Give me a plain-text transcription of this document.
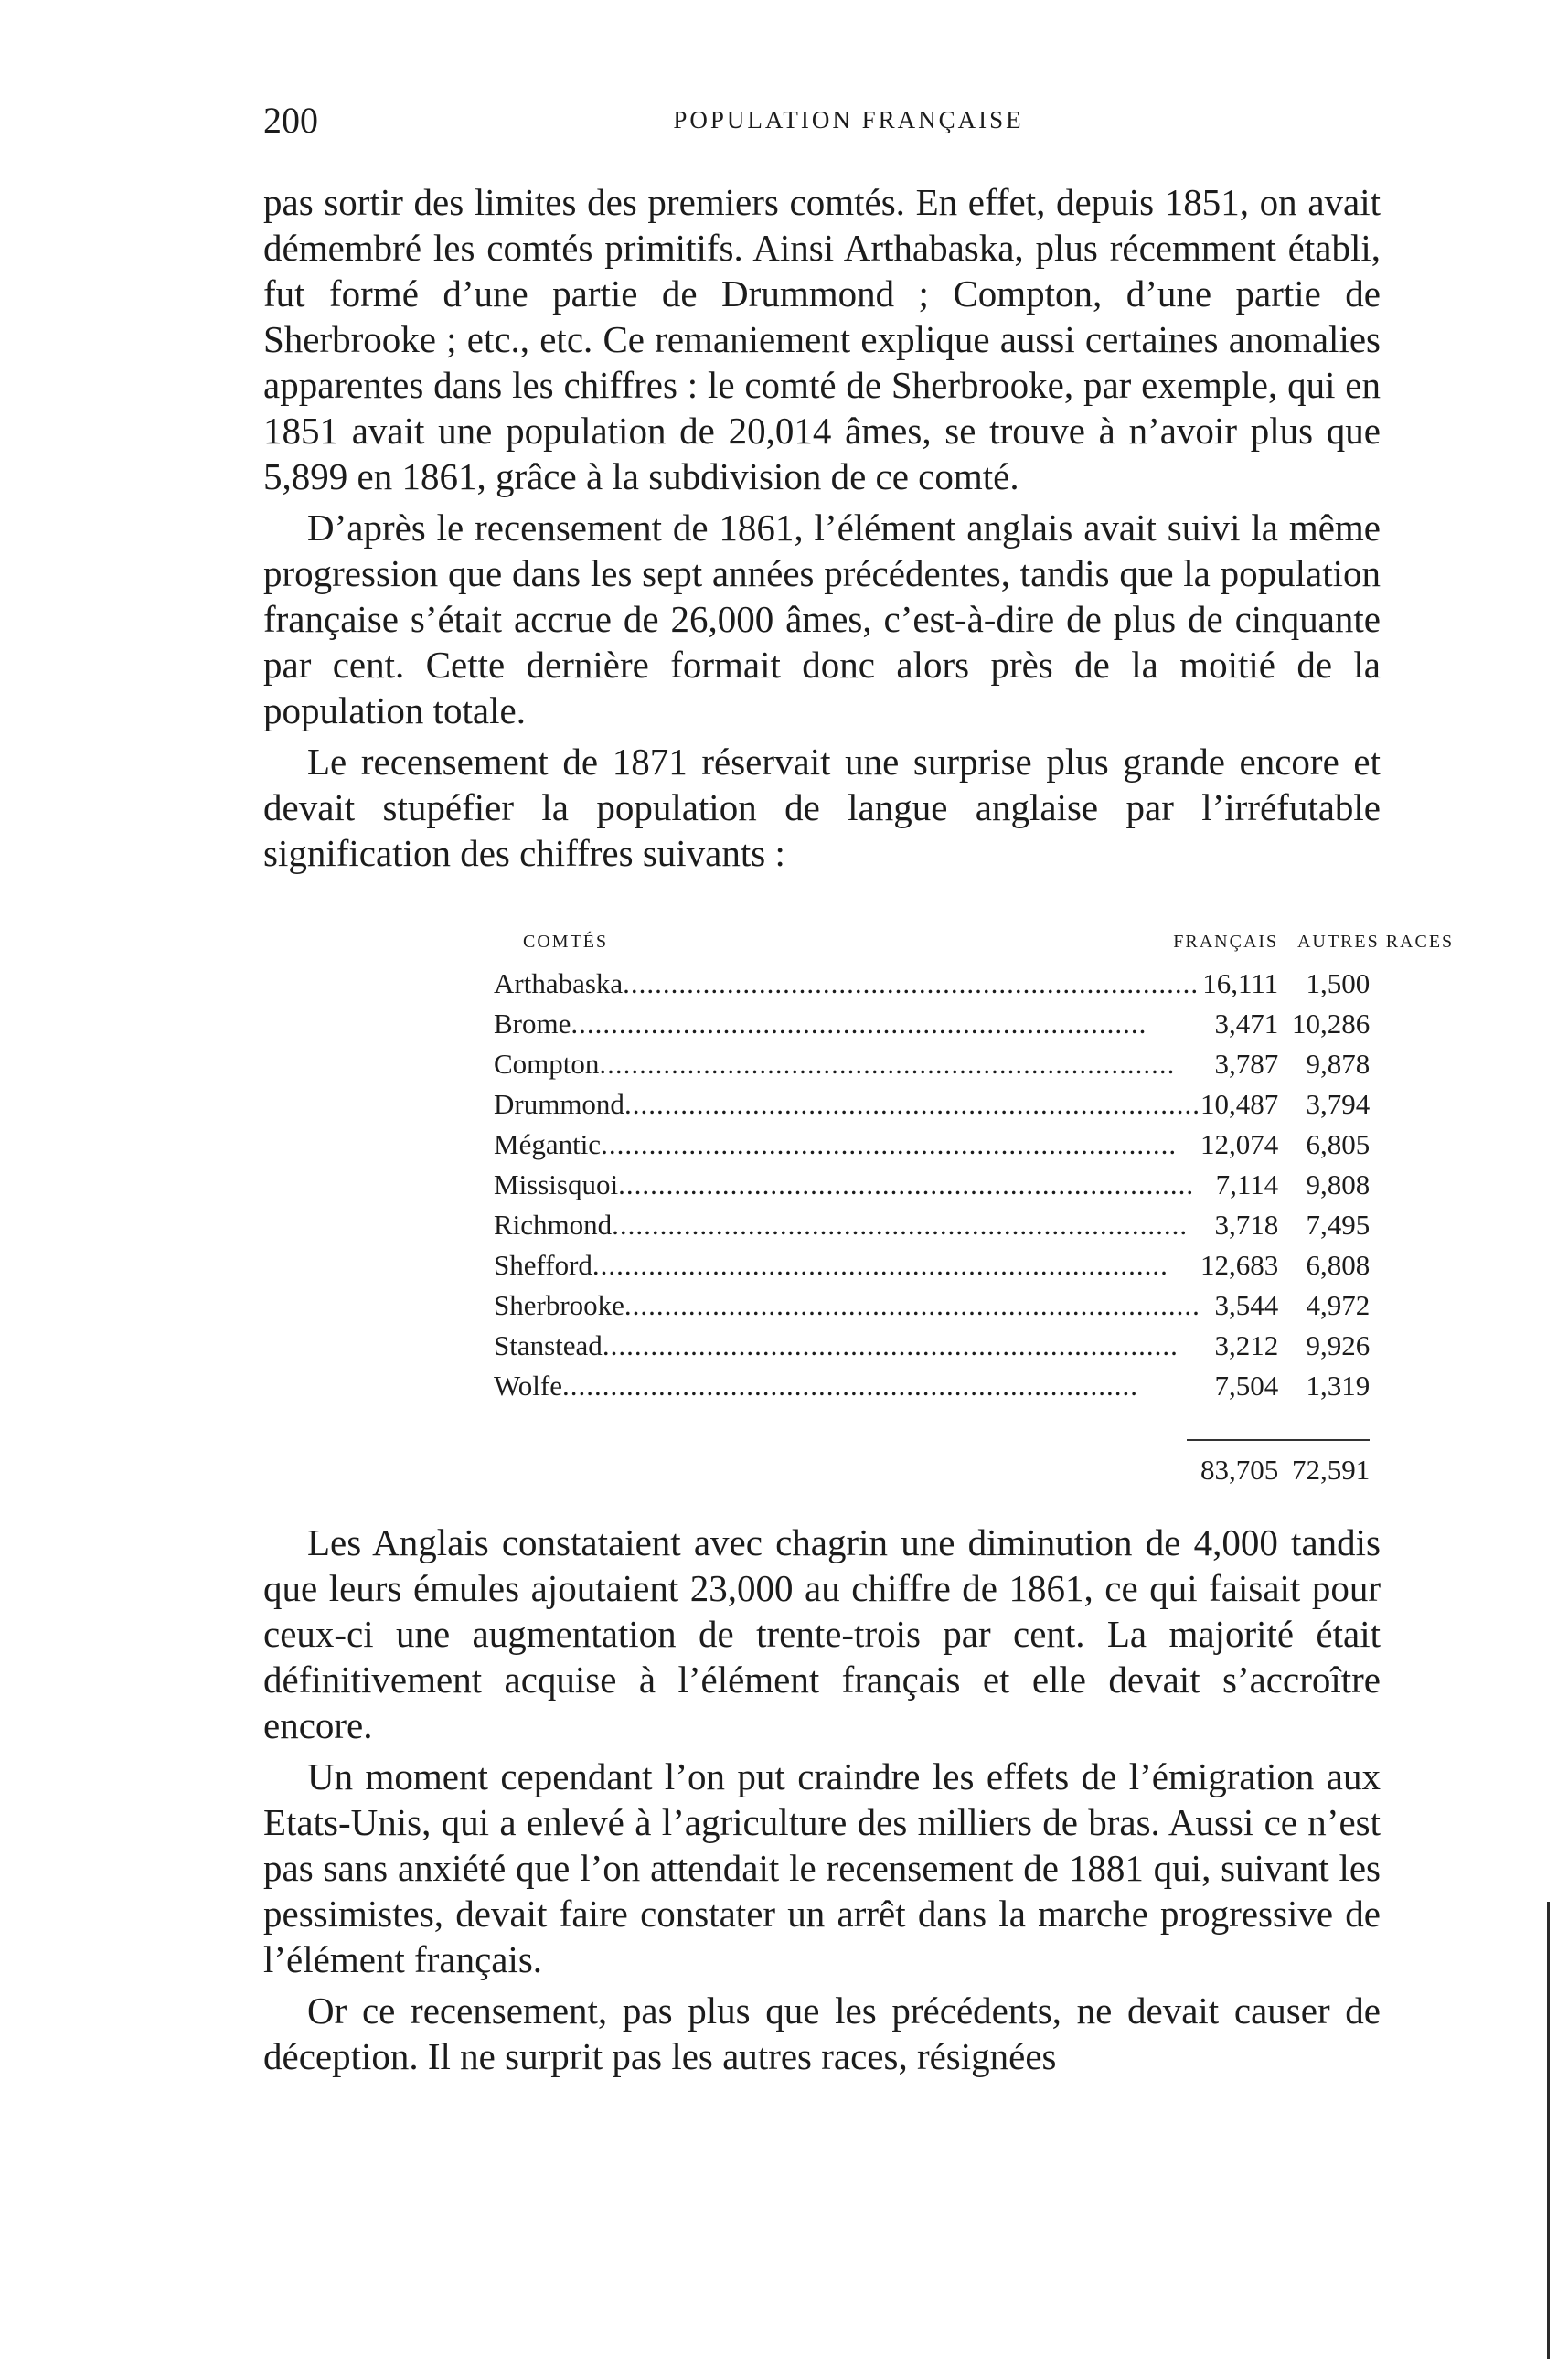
200	POPULATION FRANÇAISE

pas sortir des limites des premiers comtés. En effet, depuis 1851, on avait démembré les comtés primitifs. Ainsi Arthabaska, plus récemment établi, fut formé d’une partie de Drummond ; Compton, d’une partie de Sherbrooke ; etc., etc. Ce remaniement explique aussi certaines anomalies apparentes dans les chiffres : le comté de Sherbrooke, par exemple, qui en 1851 avait une population de 20,014 âmes, se trouve à n’avoir plus que 5,899 en 1861, grâce à la subdivision de ce comté.

D’après le recensement de 1861, l’élément anglais avait suivi la même progression que dans les sept années précédentes, tandis que la population française s’était accrue de 26,000 âmes, c’est-à-dire de plus de cinquante par cent. Cette dernière formait donc alors près de la moitié de la population totale.

Le recensement de 1871 réservait une surprise plus grande encore et devait stupéfier la population de langue anglaise par l’irréfutable signification des chiffres suivants :

COMTÉS	FRANÇAIS	AUTRES RACES

Arthabaska ........................................................................ 16,111		1,500

Brome ........................................................................ 3,471		10,286

Compton ........................................................................ 3,787		9,878

Drummond ........................................................................ 10,487		3,794

Mégantic ........................................................................ 12,074		6,805

Missisquoi ........................................................................ 7,114		9,808

Richmond ........................................................................ 3,718		7,495

Shefford ........................................................................ 12,683		6,808

Sherbrooke ........................................................................ 3,544		4,972

Stanstead ........................................................................ 3,212		9,926

Wolfe ........................................................................ 7,504		1,319

83,705		72,591

Les Anglais constataient avec chagrin une diminution de 4,000 tandis que leurs émules ajoutaient 23,000 au chiffre de 1861, ce qui faisait pour ceux-ci une augmentation de trente-trois par cent. La majorité était définitivement acquise à l’élément français et elle devait s’accroître encore.

Un moment cependant l’on put craindre les effets de l’émigration aux Etats-Unis, qui a enlevé à l’agriculture des milliers de bras. Aussi ce n’est pas sans anxiété que l’on attendait le recensement de 1881 qui, suivant les pessimistes, devait faire constater un arrêt dans la marche progressive de l’élément français.

Or ce recensement, pas plus que les précédents, ne devait causer de déception. Il ne surprit pas les autres races, résignées
